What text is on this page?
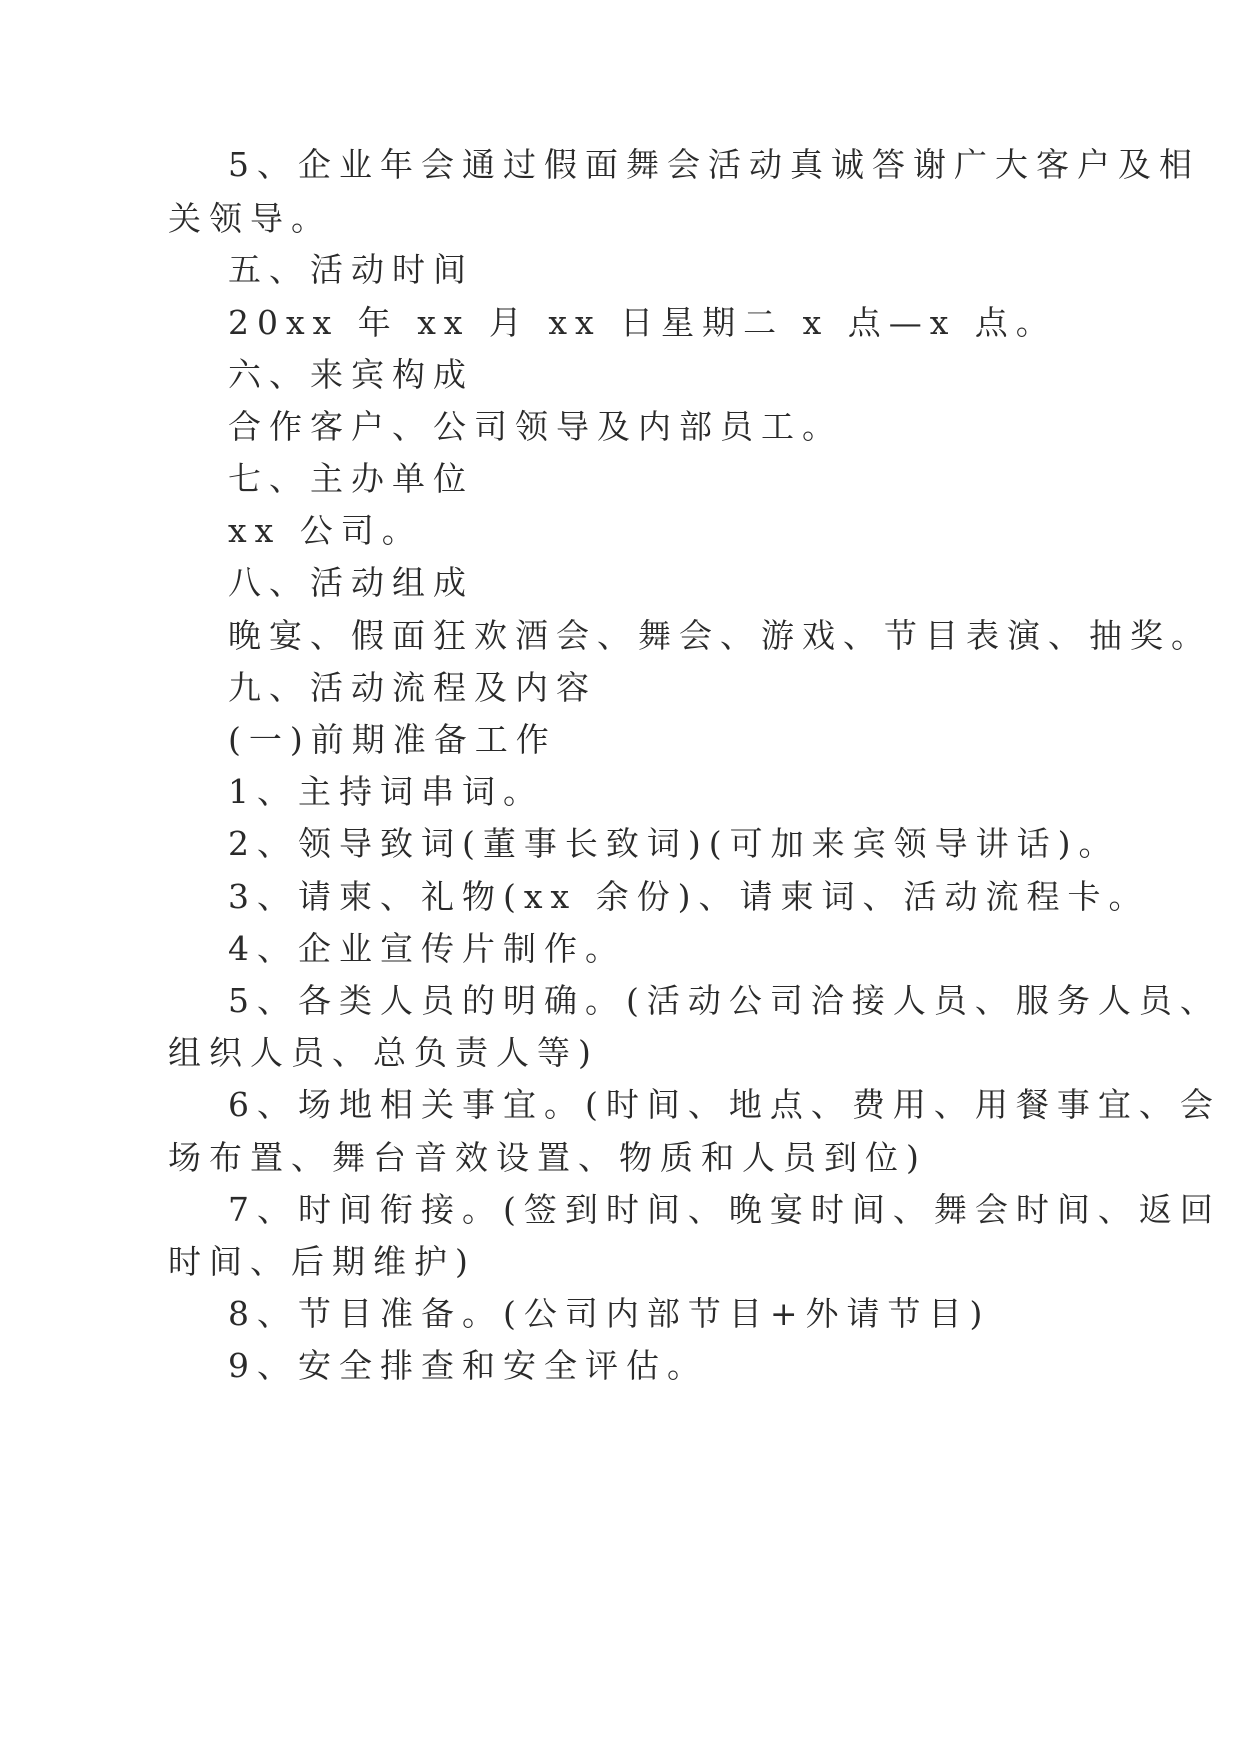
5、企业年会通过假面舞会活动真诚答谢广大客户及相
关领导。
五、活动时间
20xx 年 xx 月 xx 日星期二 x 点—x 点。
六、来宾构成
合作客户、公司领导及内部员工。
七、主办单位
xx 公司。
八、活动组成
晚宴、假面狂欢酒会、舞会、游戏、节目表演、抽奖。
九、活动流程及内容
(一)前期准备工作
1、主持词串词。
2、领导致词(董事长致词)(可加来宾领导讲话)。
3、请柬、礼物(xx 余份)、请柬词、活动流程卡。
4、企业宣传片制作。
5、各类人员的明确。(活动公司洽接人员、服务人员、
组织人员、总负责人等)
6、场地相关事宜。(时间、地点、费用、用餐事宜、会
场布置、舞台音效设置、物质和人员到位)
7、时间衔接。(签到时间、晚宴时间、舞会时间、返回
时间、后期维护)
8、节目准备。(公司内部节目+外请节目)
9、安全排查和安全评估。
